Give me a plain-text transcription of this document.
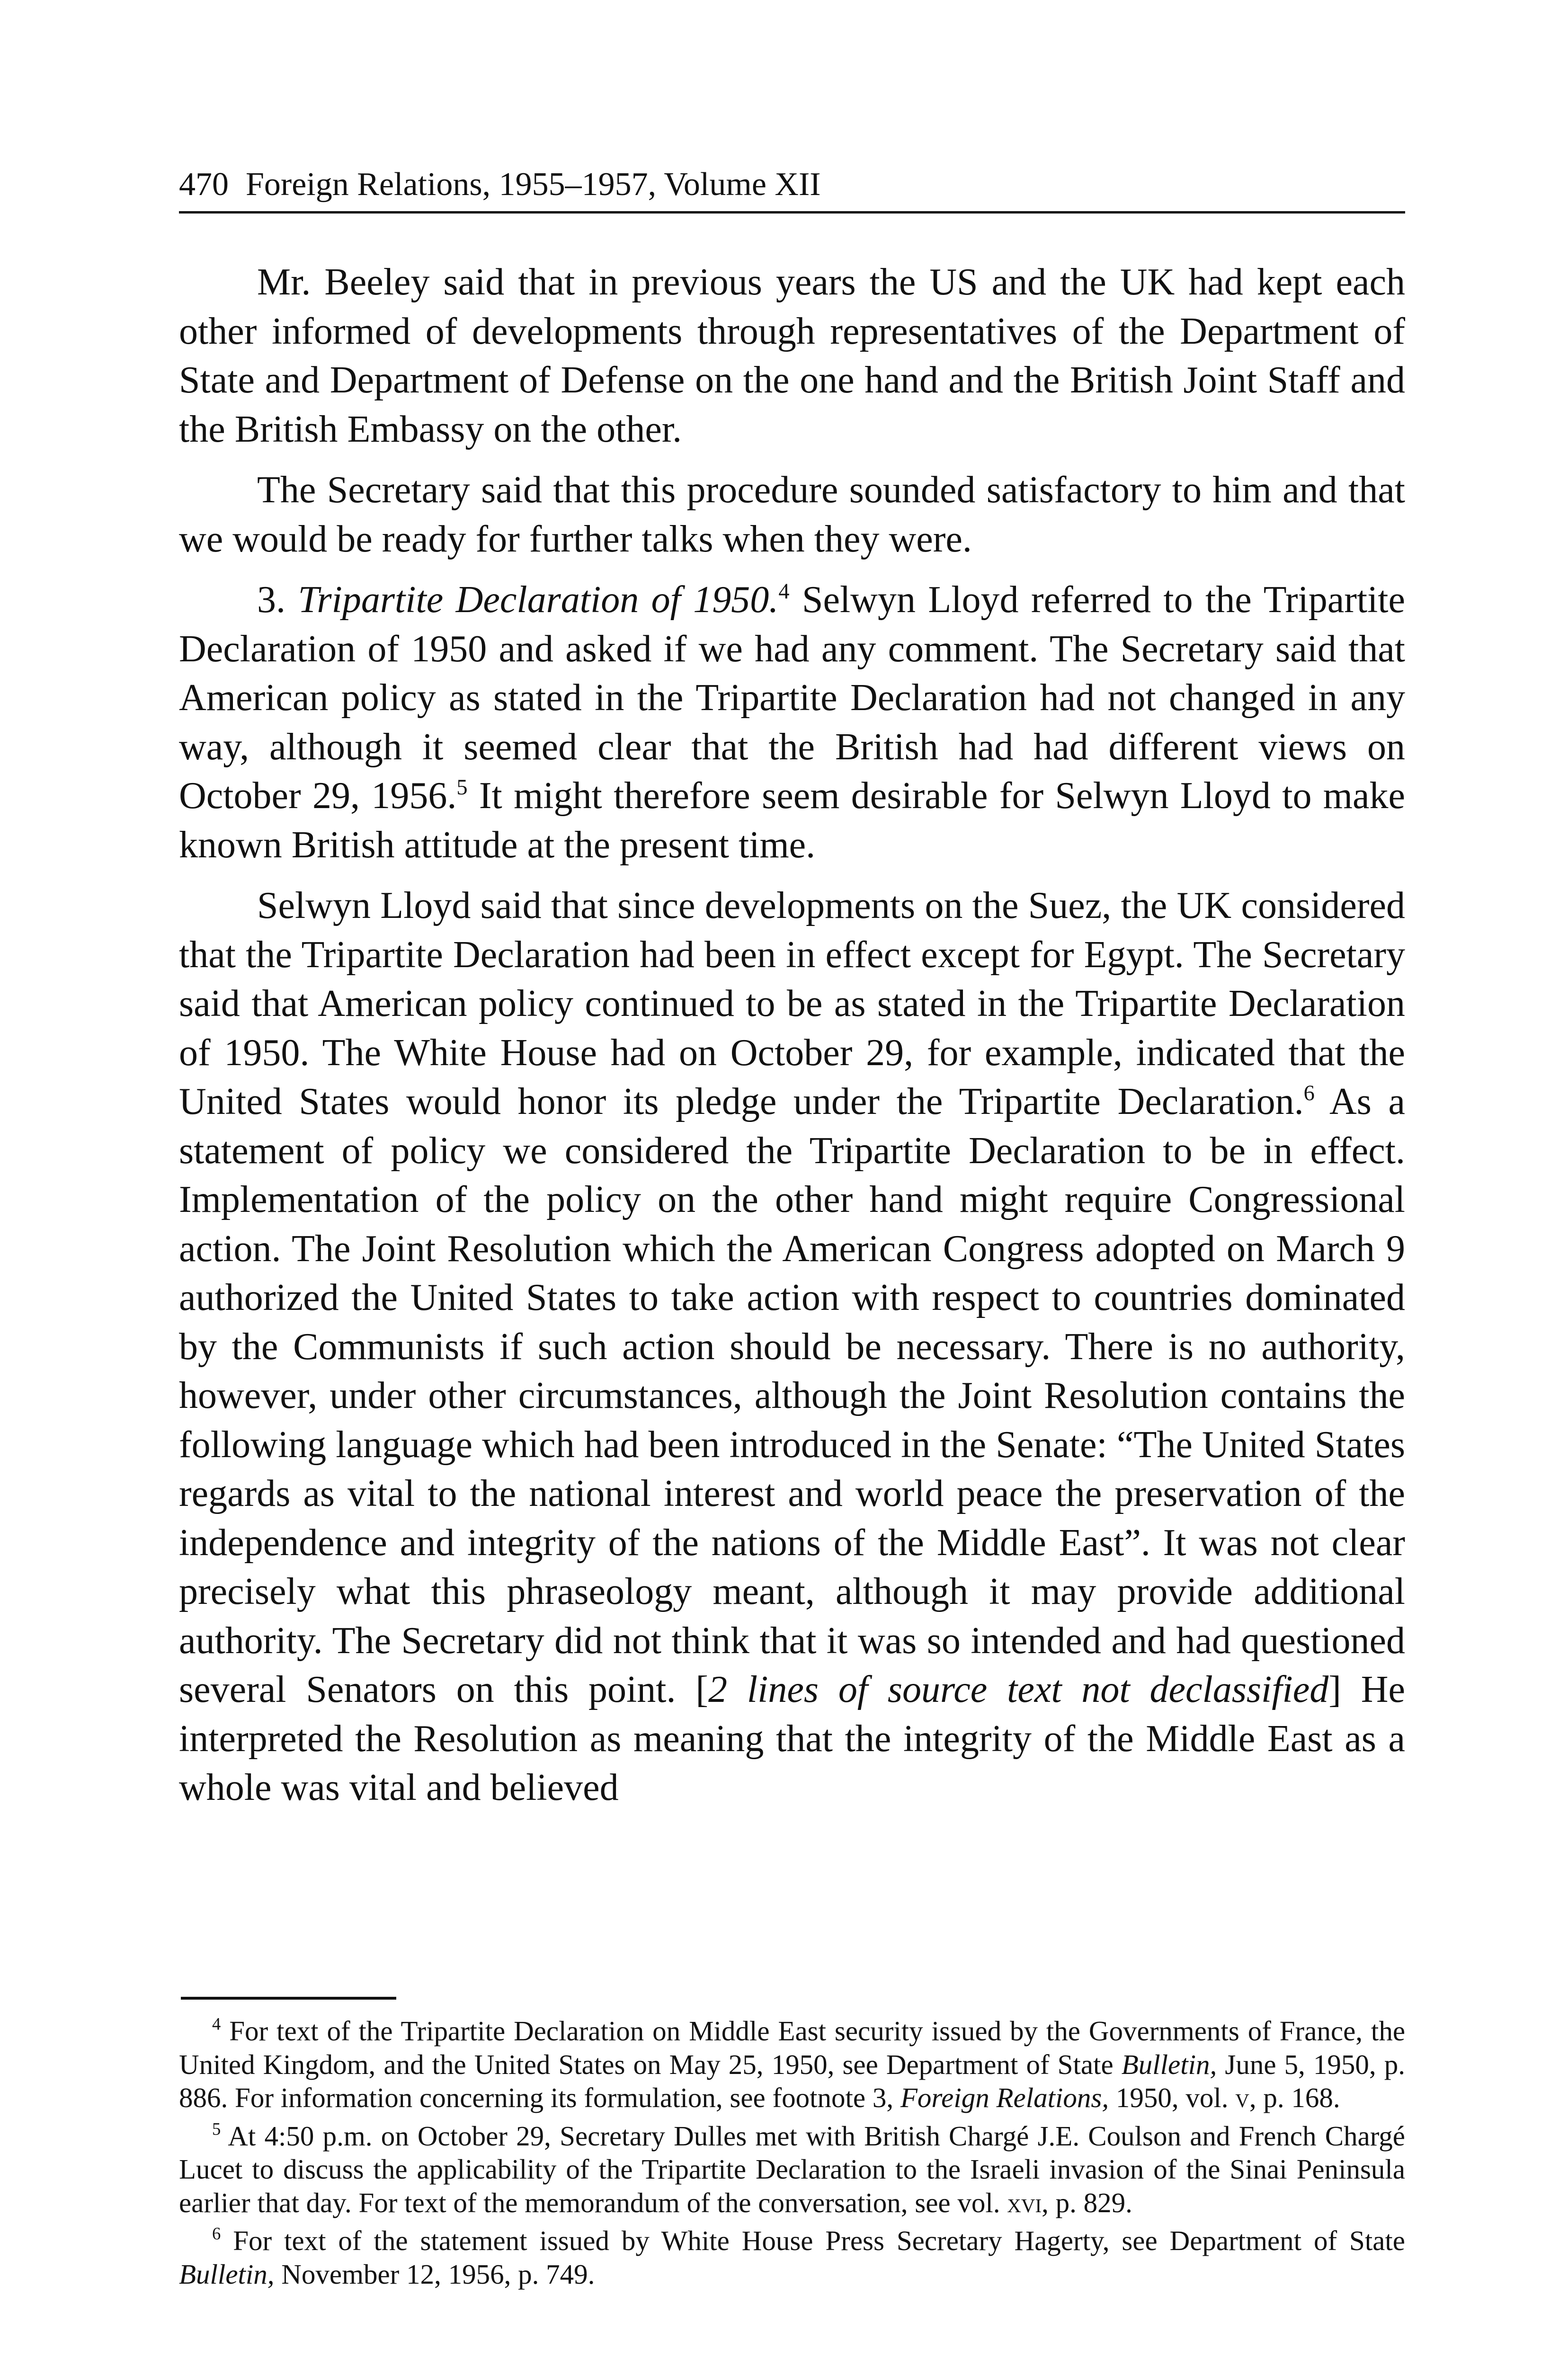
470 Foreign Relations, 1955–1957, Volume XII

Mr. Beeley said that in previous years the US and the UK had kept each other informed of developments through representatives of the Department of State and Department of Defense on the one hand and the British Joint Staff and the British Embassy on the other.

The Secretary said that this procedure sounded satisfactory to him and that we would be ready for further talks when they were.

3. Tripartite Declaration of 1950.$^4$ Selwyn Lloyd referred to the Tripartite Declaration of 1950 and asked if we had any comment. The Secretary said that American policy as stated in the Tripartite Declaration had not changed in any way, although it seemed clear that the British had had different views on October 29, 1956.$^5$ It might therefore seem desirable for Selwyn Lloyd to make known British attitude at the present time.

Selwyn Lloyd said that since developments on the Suez, the UK considered that the Tripartite Declaration had been in effect except for Egypt. The Secretary said that American policy continued to be as stated in the Tripartite Declaration of 1950. The White House had on October 29, for example, indicated that the United States would honor its pledge under the Tripartite Declaration.$^6$ As a statement of policy we considered the Tripartite Declaration to be in effect. Implementation of the policy on the other hand might require Congressional action. The Joint Resolution which the American Congress adopted on March 9 authorized the United States to take action with respect to countries dominated by the Communists if such action should be necessary. There is no authority, however, under other circumstances, although the Joint Resolution contains the following language which had been introduced in the Senate: “The United States regards as vital to the national interest and world peace the preservation of the independence and integrity of the nations of the Middle East”. It was not clear precisely what this phraseology meant, although it may provide additional authority. The Secretary did not think that it was so intended and had questioned several Senators on this point. [2 lines of source text not declassified] He interpreted the Resolution as meaning that the integrity of the Middle East as a whole was vital and believed

$^4$ For text of the Tripartite Declaration on Middle East security issued by the Governments of France, the United Kingdom, and the United States on May 25, 1950, see Department of State Bulletin, June 5, 1950, p. 886. For information concerning its formulation, see footnote 3, Foreign Relations, 1950, vol. v, p. 168.

$^5$ At 4:50 p.m. on October 29, Secretary Dulles met with British Chargé J.E. Coulson and French Chargé Lucet to discuss the applicability of the Tripartite Declaration to the Israeli invasion of the Sinai Peninsula earlier that day. For text of the memorandum of the conversation, see vol. xvi, p. 829.

$^6$ For text of the statement issued by White House Press Secretary Hagerty, see Department of State Bulletin, November 12, 1956, p. 749.
